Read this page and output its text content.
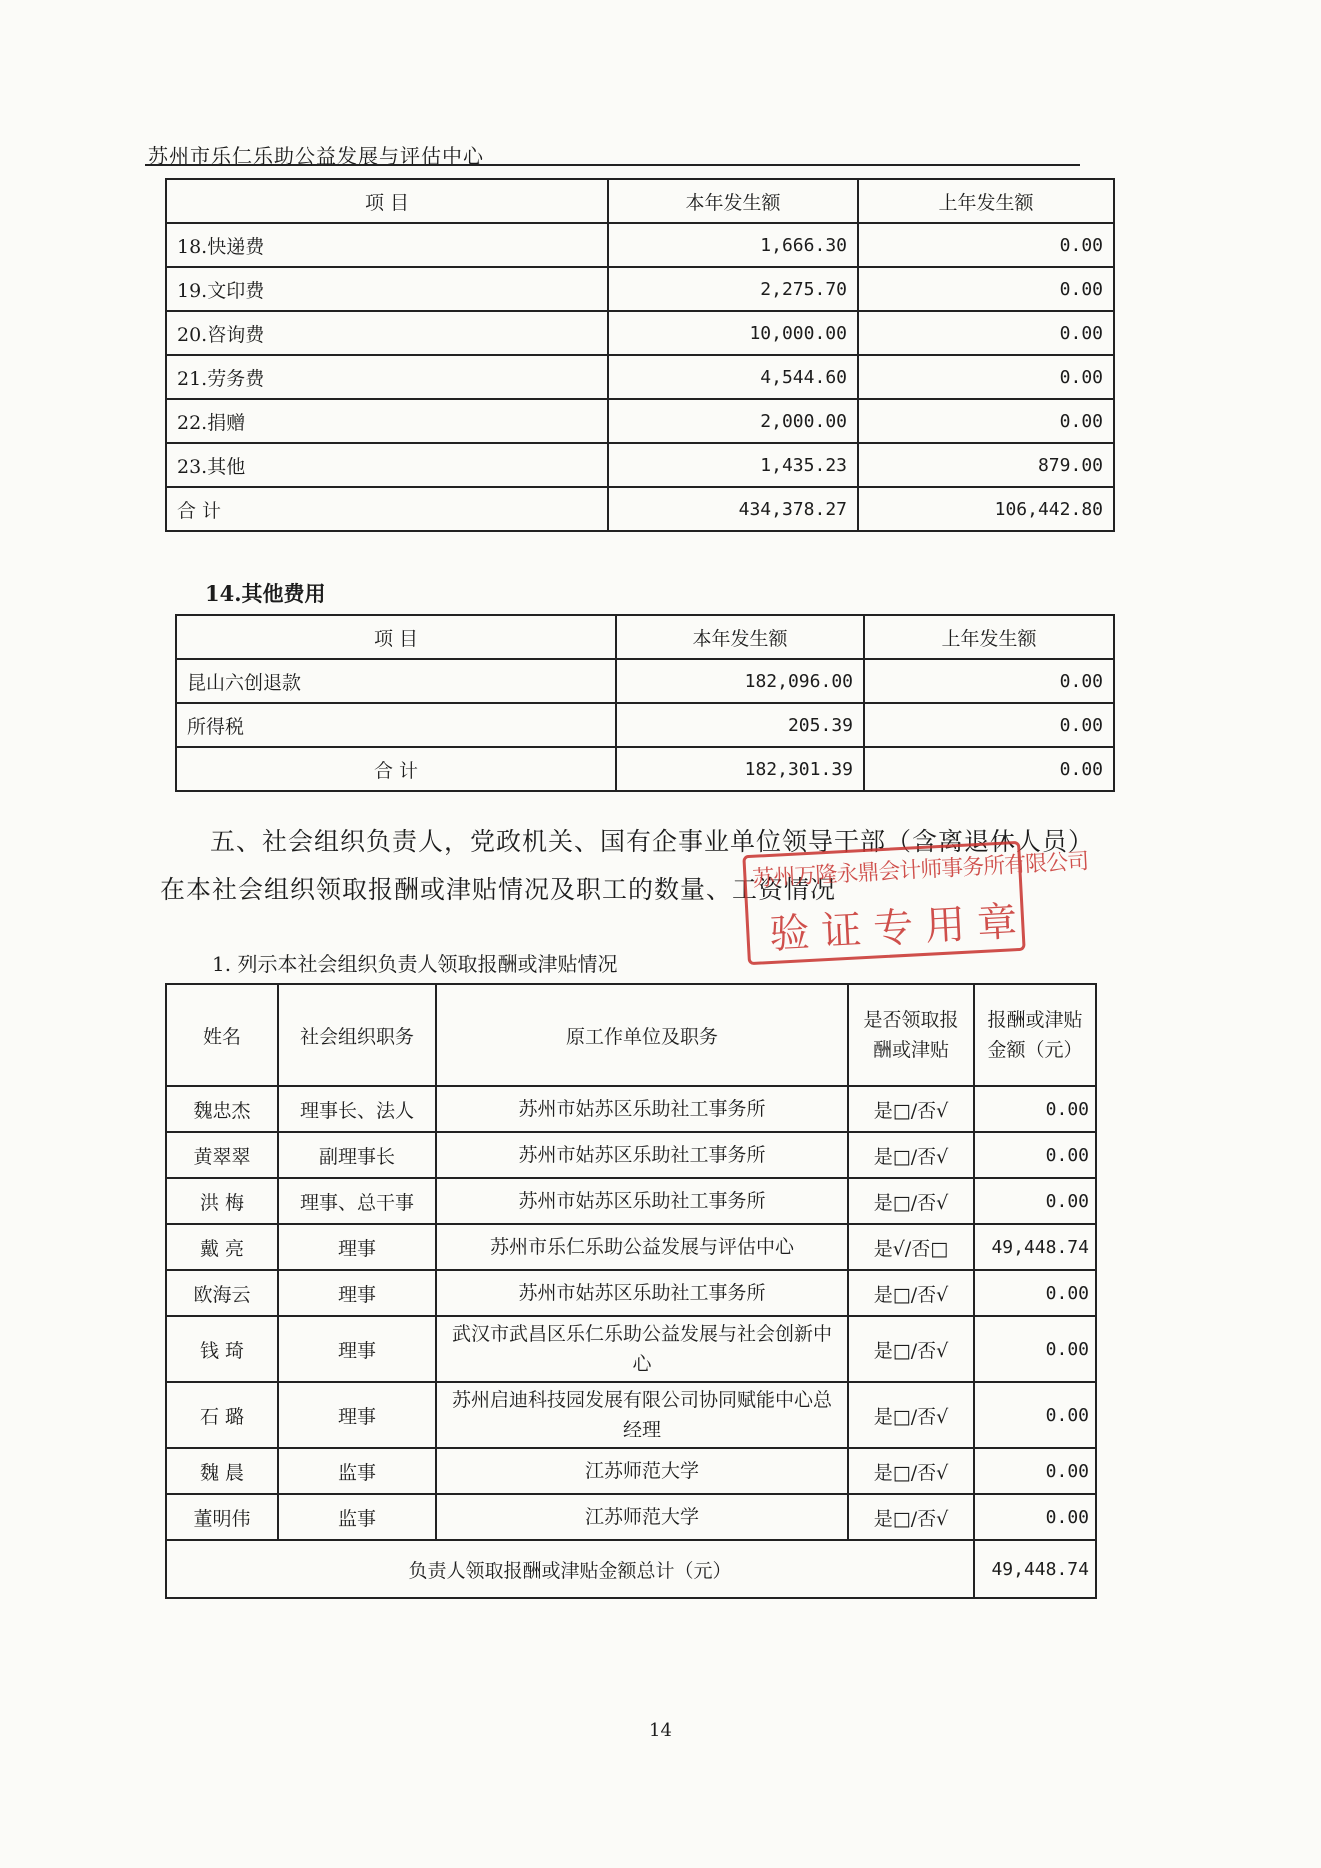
苏州市乐仁乐助公益发展与评估中心
项 目	本年发生额	上年发生额
18.快递费	1,666.30	0.00
19.文印费	2,275.70	0.00
20.咨询费	10,000.00	0.00
21.劳务费	4,544.60	0.00
22.捐赠	2,000.00	0.00
23.其他	1,435.23	879.00
合 计	434,378.27	106,442.80
14.其他费用
项 目	本年发生额	上年发生额
昆山六创退款	182,096.00	0.00
所得税	205.39	0.00
合 计	182,301.39	0.00
五、社会组织负责人，党政机关、国有企事业单位领导干部（含离退休人员）在本社会组织领取报酬或津贴情况及职工的数量、工资情况
苏州万隆永鼎会计师事务所有限公司
验证专用章
1. 列示本社会组织负责人领取报酬或津贴情况
姓名	社会组织职务	原工作单位及职务	是否领取报酬或津贴	报酬或津贴金额（元）
魏忠杰	理事长、法人	苏州市姑苏区乐助社工事务所	是□/否√	0.00
黄翠翠	副理事长	苏州市姑苏区乐助社工事务所	是□/否√	0.00
洪 梅	理事、总干事	苏州市姑苏区乐助社工事务所	是□/否√	0.00
戴 亮	理事	苏州市乐仁乐助公益发展与评估中心	是√/否□	49,448.74
欧海云	理事	苏州市姑苏区乐助社工事务所	是□/否√	0.00
钱 琦	理事	武汉市武昌区乐仁乐助公益发展与社会创新中心	是□/否√	0.00
石 璐	理事	苏州启迪科技园发展有限公司协同赋能中心总经理	是□/否√	0.00
魏 晨	监事	江苏师范大学	是□/否√	0.00
董明伟	监事	江苏师范大学	是□/否√	0.00
负责人领取报酬或津贴金额总计（元）				49,448.74
14
